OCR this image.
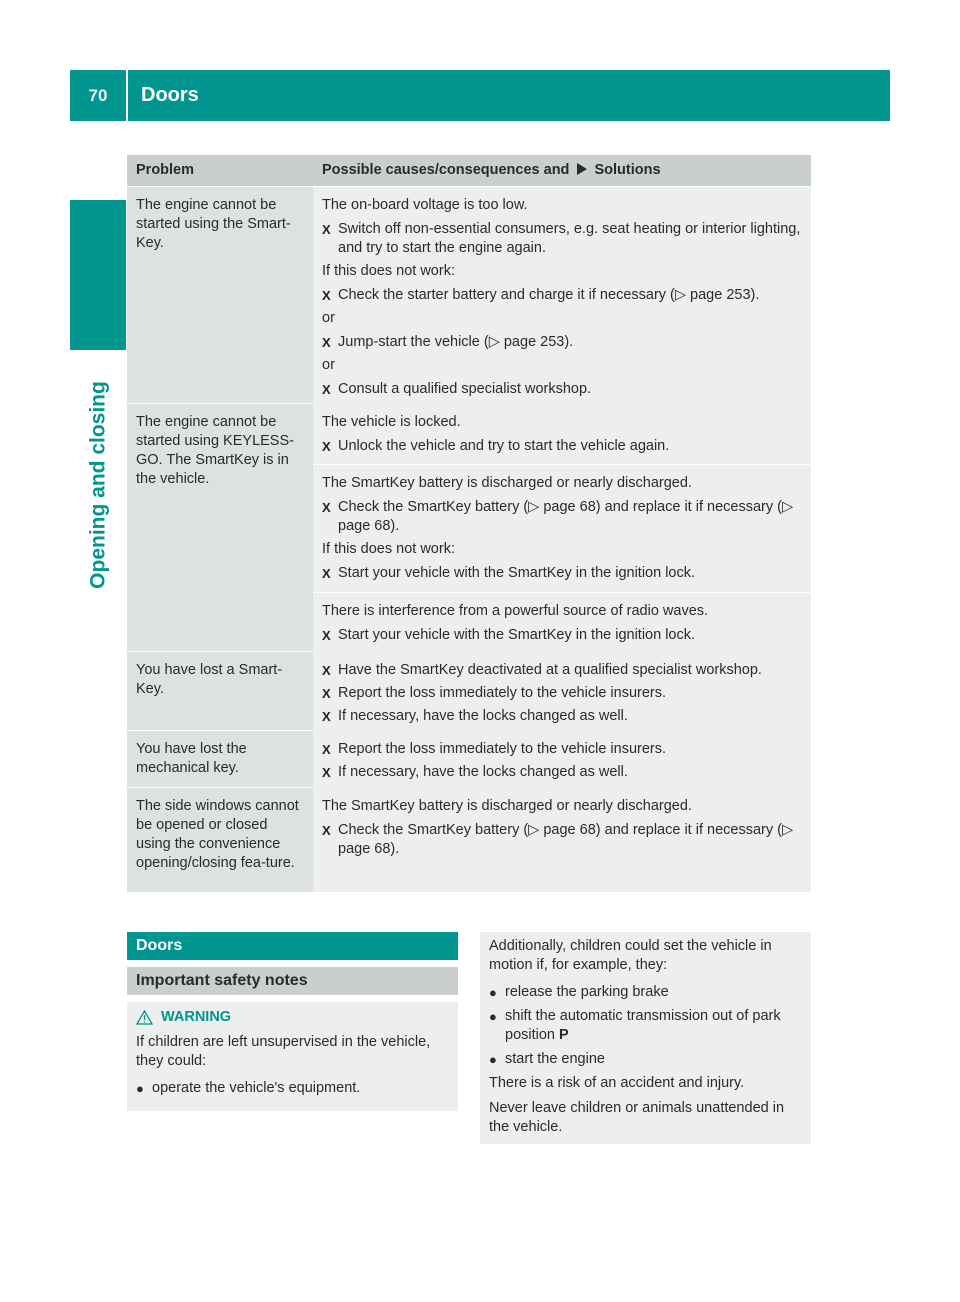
70	Doors
Opening and closing
Problem	Possible causes/consequences and Solutions
The engine cannot be started using the Smart-Key.
The on-board voltage is too low.
X Switch off non-essential consumers, e.g. seat heating or interior lighting, and try to start the engine again.
If this does not work:
X Check the starter battery and charge it if necessary (▷ page 253).
or
X Jump-start the vehicle (▷ page 253).
or
X Consult a qualified specialist workshop.
The engine cannot be started using KEYLESS-GO. The SmartKey is in the vehicle.
The vehicle is locked.
X Unlock the vehicle and try to start the vehicle again.
The SmartKey battery is discharged or nearly discharged.
X Check the SmartKey battery (▷ page 68) and replace it if necessary (▷ page 68).
If this does not work:
X Start your vehicle with the SmartKey in the ignition lock.
There is interference from a powerful source of radio waves.
X Start your vehicle with the SmartKey in the ignition lock.
You have lost a Smart-Key.
X Have the SmartKey deactivated at a qualified specialist workshop.
X Report the loss immediately to the vehicle insurers.
X If necessary, have the locks changed as well.
You have lost the mechanical key.
X Report the loss immediately to the vehicle insurers.
X If necessary, have the locks changed as well.
The side windows cannot be opened or closed using the convenience opening/closing fea-ture.
The SmartKey battery is discharged or nearly discharged.
X Check the SmartKey battery (▷ page 68) and replace it if necessary (▷ page 68).
Doors
Important safety notes
WARNING
If children are left unsupervised in the vehicle, they could:
● operate the vehicle's equipment.
Additionally, children could set the vehicle in motion if, for example, they:
● release the parking brake
● shift the automatic transmission out of park position P
● start the engine
There is a risk of an accident and injury.
Never leave children or animals unattended in the vehicle.
